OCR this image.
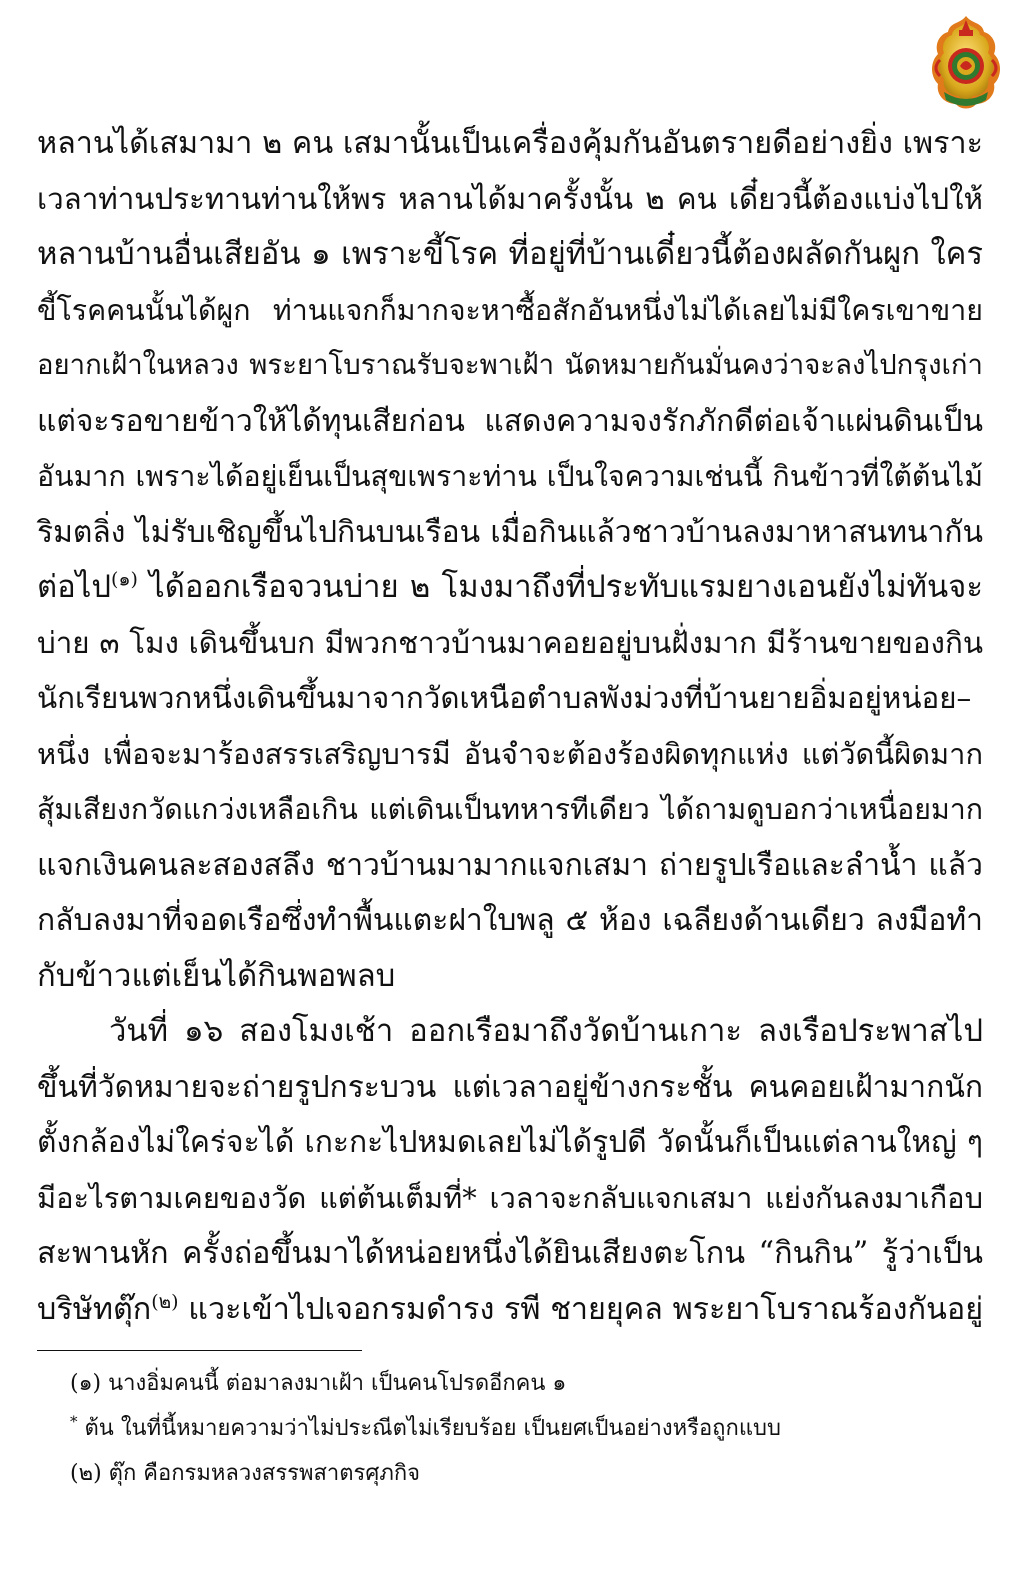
หลานได้เสมามา ๒ คน เสมานั้นเป็นเครื่องคุ้มกันอันตรายดีอย่างยิ่ง เพราะ
เวลาท่านประทานท่านให้พร หลานได้มาครั้งนั้น ๒ คน เดี๋ยวนี้ต้องแบ่งไปให้
หลานบ้านอื่นเสียอัน ๑ เพราะขี้โรค ที่อยู่ที่บ้านเดี๋ยวนี้ต้องผลัดกันผูก ใคร
ขี้โรคคนนั้นได้ผูก ท่านแจกก็มากจะหาซื้อสักอันหนึ่งไม่ได้เลยไม่มีใครเขาขาย
อยากเฝ้าในหลวง พระยาโบราณรับจะพาเฝ้า นัดหมายกันมั่นคงว่าจะลงไปกรุงเก่า
แต่จะรอขายข้าวให้ได้ทุนเสียก่อน แสดงความจงรักภักดีต่อเจ้าแผ่นดินเป็น
อันมาก เพราะได้อยู่เย็นเป็นสุขเพราะท่าน เป็นใจความเช่นนี้ กินข้าวที่ใต้ต้นไม้
ริมตลิ่ง ไม่รับเชิญขึ้นไปกินบนเรือน เมื่อกินแล้วชาวบ้านลงมาหาสนทนากัน
ต่อไป$^{(๑)}$ ได้ออกเรือจวนบ่าย ๒ โมงมาถึงที่ประทับแรมยางเอนยังไม่ทันจะ
บ่าย ๓ โมง เดินขึ้นบก มีพวกชาวบ้านมาคอยอยู่บนฝั่งมาก มีร้านขายของกิน
นักเรียนพวกหนึ่งเดินขึ้นมาจากวัดเหนือตำบลพังม่วงที่บ้านยายอิ่มอยู่หน่อย–
หนึ่ง เพื่อจะมาร้องสรรเสริญบารมี อันจำจะต้องร้องผิดทุกแห่ง แต่วัดนี้ผิดมาก
สุ้มเสียงกวัดแกว่งเหลือเกิน แต่เดินเป็นทหารทีเดียว ได้ถามดูบอกว่าเหนื่อยมาก
แจกเงินคนละสองสลึง ชาวบ้านมามากแจกเสมา ถ่ายรูปเรือและลำน้ำ แล้ว
กลับลงมาที่จอดเรือซึ่งทำพื้นแตะฝาใบพลู ๕ ห้อง เฉลียงด้านเดียว ลงมือทำ
กับข้าวแต่เย็นได้กินพอพลบ
วันที่ ๑๖ สองโมงเช้า ออกเรือมาถึงวัดบ้านเกาะ ลงเรือประพาสไป
ขึ้นที่วัดหมายจะถ่ายรูปกระบวน แต่เวลาอยู่ข้างกระชั้น คนคอยเฝ้ามากนัก
ตั้งกล้องไม่ใคร่จะได้ เกะกะไปหมดเลยไม่ได้รูปดี วัดนั้นก็เป็นแต่ลานใหญ่ ๆ
มีอะไรตามเคยของวัด แต่ต้นเต็มที่* เวลาจะกลับแจกเสมา แย่งกันลงมาเกือบ
สะพานหัก ครั้งถ่อขึ้นมาได้หน่อยหนึ่งได้ยินเสียงตะโกน “กินกิน” รู้ว่าเป็น
บริษัทตุ๊ก$^{(๒)}$ แวะเข้าไปเจอกรมดำรง รพี ชายยุคล พระยาโบราณร้องกันอยู่
(๑) นางอิ่มคนนี้ ต่อมาลงมาเฝ้า เป็นคนโปรดอีกคน ๑
* ต้น ในที่นี้หมายความว่าไม่ประณีตไม่เรียบร้อย เป็นยศเป็นอย่างหรือถูกแบบ
(๒) ตุ๊ก คือกรมหลวงสรรพสาตรศุภกิจ
